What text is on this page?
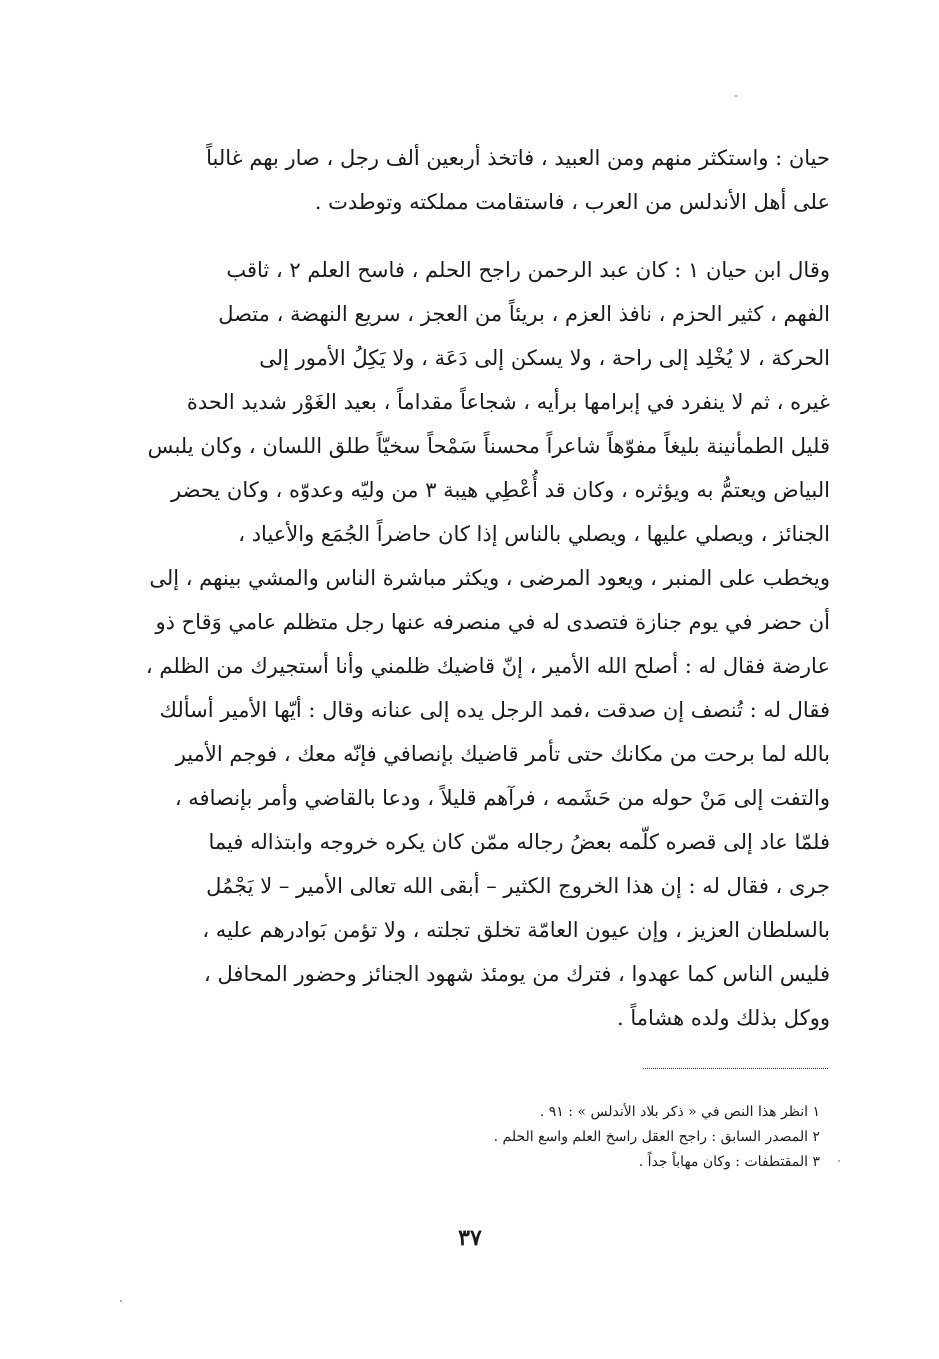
حيان : واستكثر منهم ومن العبيد ، فاتخذ أربعين ألف رجل ، صار بهم غالباً
على أهل الأندلس من العرب ، فاستقامت مملكته وتوطدت .
وقال ابن حيان ١ : كان عبد الرحمن راجح الحلم ، فاسح العلم ٢ ، ثاقب
الفهم ، كثير الحزم ، نافذ العزم ، بريئاً من العجز ، سريع النهضة ، متصل
الحركة ، لا يُخْلِد إلى راحة ، ولا يسكن إلى دَعَة ، ولا يَكِلُ الأمور إلى
غيره ، ثم لا ينفرد في إبرامها برأيه ، شجاعاً مقداماً ، بعيد الغَوْر شديد الحدة
قليل الطمأنينة بليغاً مفوّهاً شاعراً محسناً سَمْحاً سخيّاً طلق اللسان ، وكان يلبس
البياض ويعتمُّ به ويؤثره ، وكان قد أُعْطِي هيبة ٣ من وليّه وعدوّه ، وكان يحضر
الجنائز ، ويصلي عليها ، ويصلي بالناس إذا كان حاضراً الجُمَع والأعياد ،
ويخطب على المنبر ، ويعود المرضى ، ويكثر مباشرة الناس والمشي بينهم ، إلى
أن حضر في يوم جنازة فتصدى له في منصرفه عنها رجل متظلم عامي وَقاح ذو
عارضة فقال له : أصلح الله الأمير ، إنّ قاضيك ظلمني وأنا أستجيرك من الظلم ،
فقال له : تُنصف إن صدقت ،فمد الرجل يده إلى عنانه وقال : أيّها الأمير أسألك
بالله لما برحت من مكانك حتى تأمر قاضيك بإنصافي فإنّه معك ، فوجم الأمير
والتفت إلى مَنْ حوله من حَشَمه ، فرآهم قليلاً ، ودعا بالقاضي وأمر بإنصافه ،
فلمّا عاد إلى قصره كلّمه بعضُ رجاله ممّن كان يكره خروجه وابتذاله فيما
جرى ، فقال له : إن هذا الخروج الكثير – أبقى الله تعالى الأمير – لا يَجْمُل
بالسلطان العزيز ، وإن عيون العامّة تخلق تجلته ، ولا تؤمن بَوادرهم عليه ،
فليس الناس كما عهدوا ، فترك من يومئذ شهود الجنائز وحضور المحافل ،
ووكل بذلك ولده هشاماً .
١ انظر هذا النص في « ذكر بلاد الأندلس » : ٩١ .
٢ المصدر السابق : راجح العقل راسخ العلم واسع الحلم .
٣ المقتطفات : وكان مهاباً جداً .
٣٧
